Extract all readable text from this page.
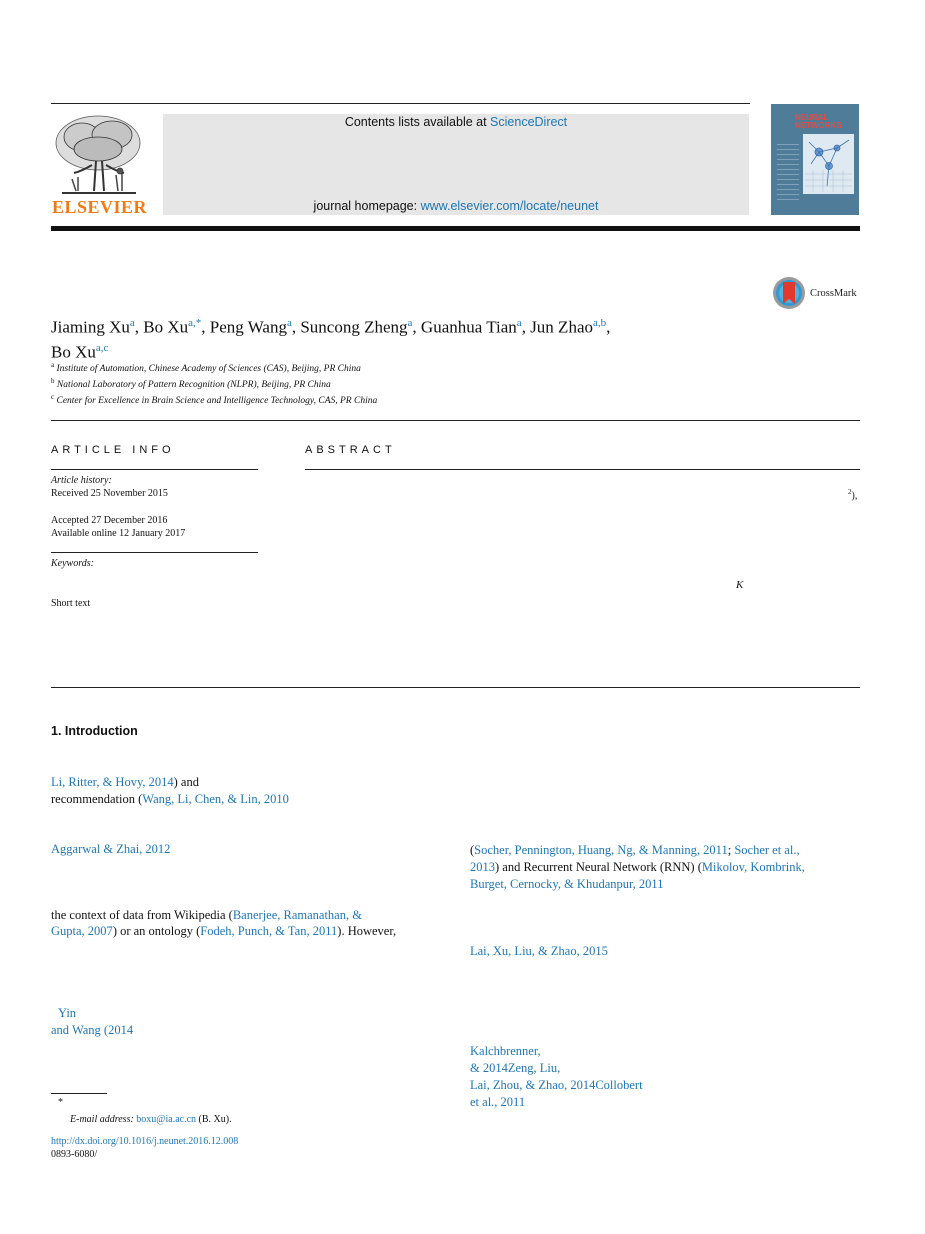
ELSEVIER
Contents lists available at ScienceDirect
journal homepage: www.elsevier.com/locate/neunet
NEURAL NETWORKS
CrossMark
Jiaming Xu$^a$, Bo $Xu^{a,*}$, Peng Wang$^a$, Suncong Zheng$^a$, Guanhua Tian$^a$, Jun Zhao$^{a,b}$,
Bo Xu$^{a,c}$
$^a$ Institute of Automation, Chinese Academy of Sciences (CAS), Beijing, PR China
$^b$ National Laboratory of Pattern Recognition (NLPR), Beijing, PR China
$^c$ Center for Excellence in Brain Science and Intelligence Technology, CAS, PR China
ARTICLE INFO
Article history:
Received 25 November 2015
Accepted 27 December 2016
Available online 12 January 2017
Keywords:
Short text
ABSTRACT
$^2$),
K
1. Introduction
Li, Ritter, & Hovy, 2014) and
recommendation (Wang, Li, Chen, & Lin, 2010
Aggarwal & Zhai, 2012
the context of data from Wikipedia (Banerjee, Ramanathan, &
Gupta, 2007) or an ontology (Fodeh, Punch, & Tan, 2011). However,
Yin
and Wang (2014
(Socher, Pennington, Huang, Ng, & Manning, 2011; Socher et al.,
2013) and Recurrent Neural Network (RNN) (Mikolov, Kombrink,
Burget, Cernocky, & Khudanpur, 2011
Lai, Xu, Liu, & Zhao, 2015
Kalchbrenner,
& 2014Zeng, Liu,
Lai, Zhou, & Zhao, 2014Collobert
et al., 2011
*
E-mail address: boxu@ia.ac.cn (B. Xu).
http://dx.doi.org/10.1016/j.neunet.2016.12.008
0893-6080/
